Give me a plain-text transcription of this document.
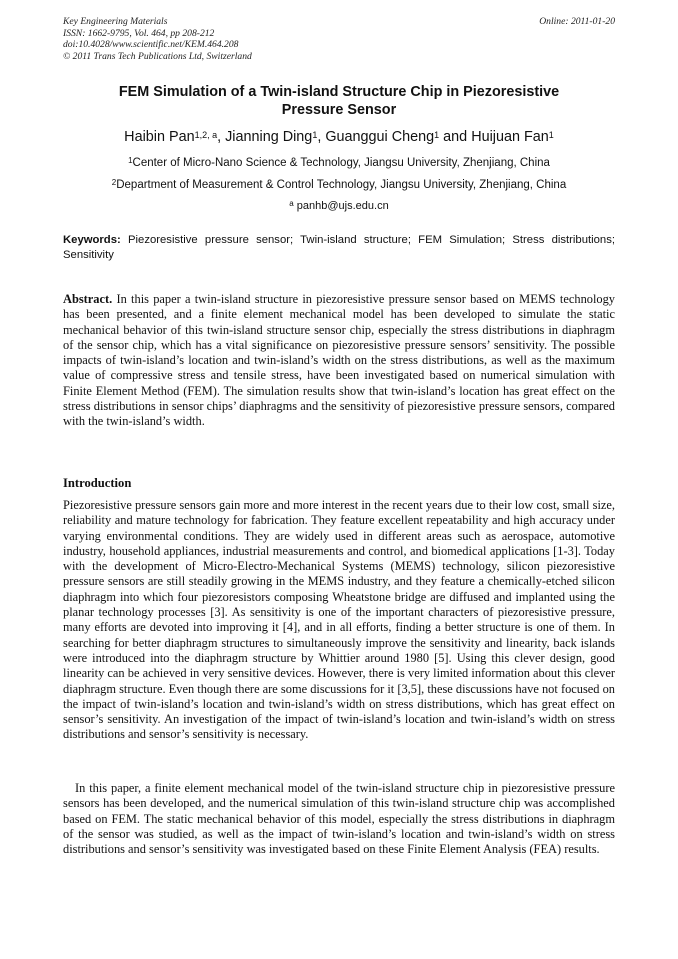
Key Engineering Materials
ISSN: 1662-9795, Vol. 464, pp 208-212
doi:10.4028/www.scientific.net/KEM.464.208
© 2011 Trans Tech Publications Ltd, Switzerland
Online: 2011-01-20
FEM Simulation of a Twin-island Structure Chip in Piezoresistive
Pressure Sensor
Haibin Pan$^{1,2, a}$, Jianning Ding$^1$, Guanggui Cheng$^1$ and Huijuan Fan$^1$
$^1$Center of Micro-Nano Science & Technology, Jiangsu University, Zhenjiang, China
$^2$Department of Measurement & Control Technology, Jiangsu University, Zhenjiang, China
$^a$ panhb@ujs.edu.cn
Keywords: Piezoresistive pressure sensor; Twin-island structure; FEM Simulation; Stress distributions; Sensitivity
Abstract. In this paper a twin-island structure in piezoresistive pressure sensor based on MEMS technology has been presented, and a finite element mechanical model has been developed to simulate the static mechanical behavior of this twin-island structure sensor chip, especially the stress distributions in diaphragm of the sensor chip, which has a vital significance on piezoresistive pressure sensors’ sensitivity. The possible impacts of twin-island’s location and twin-island’s width on the stress distributions, as well as the maximum value of compressive stress and tensile stress, have been investigated based on numerical simulation with Finite Element Method (FEM). The simulation results show that twin-island’s location has great effect on the stress distributions in sensor chips’ diaphragms and the sensitivity of piezoresistive pressure sensors, compared with the twin-island’s width.
Introduction
Piezoresistive pressure sensors gain more and more interest in the recent years due to their low cost, small size, reliability and mature technology for fabrication. They feature excellent repeatability and high accuracy under varying environmental conditions. They are widely used in different areas such as aerospace, automotive industry, household appliances, industrial measurements and control, and biomedical applications [1-3]. Today with the development of Micro-Electro-Mechanical Systems (MEMS) technology, silicon piezoresistive pressure sensors are still steadily growing in the MEMS industry, and they feature a chemically-etched silicon diaphragm into which four piezoresistors composing Wheatstone bridge are diffused and implanted using the planar technology processes [3]. As sensitivity is one of the important characters of piezoresistive pressure, many efforts are devoted into improving it [4], and in all efforts, finding a better structure is one of them. In searching for better diaphragm structures to simultaneously improve the sensitivity and linearity, back islands were introduced into the diaphragm structure by Whittier around 1980 [5]. Using this clever design, good linearity can be achieved in very sensitive devices. However, there is very limited information about this clever diaphragm structure. Even though there are some discussions for it [3,5], these discussions have not focused on the impact of twin-island’s location and twin-island’s width on stress distributions, which has great effect on sensor’s sensitivity. An investigation of the impact of twin-island’s location and twin-island’s width on stress distributions and sensor’s sensitivity is necessary.
In this paper, a finite element mechanical model of the twin-island structure chip in piezoresistive pressure sensors has been developed, and the numerical simulation of this twin-island structure chip was accomplished based on FEM. The static mechanical behavior of this model, especially the stress distributions in diaphragm of the sensor was studied, as well as the impact of twin-island’s location and twin-island’s width on stress distributions and sensor’s sensitivity was investigated based on these Finite Element Analysis (FEA) results.
